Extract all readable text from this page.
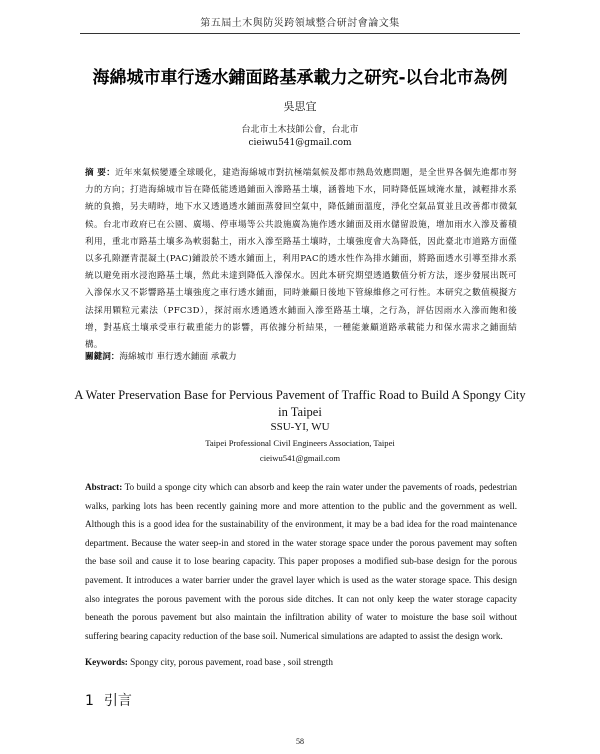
第五屆土木與防災跨領域整合研討會論文集
海綿城市車行透水鋪面路基承載力之研究-以台北市為例
吳思宜
台北市土木技師公會，台北市
cieiwu541@gmail.com
摘 要：近年來氣候變遷全球暖化，建造海綿城市對抗極端氣候及都市熱島效應問題，是全世界各個先進都市努力的方向；打造海綿城市旨在降低能透過鋪面入滲路基土壤，涵養地下水，同時降低區域淹水量，減輕排水系統的負擔，另夫晴時，地下水又透過透水鋪面蒸發回空氣中，降低鋪面溫度，淨化空氣品質並且改善都市微氣候。台北市政府已在公園、廣場、停車場等公共設施廣為施作透水鋪面及雨水儲留設施，增加雨水入滲及蓄積利用，重北市路基土壤多為軟弱黏土，雨水入滲至路基土壤時，土壤強度會大為降低，因此臺北市道路方面僅以多孔隙瀝青混凝土(PAC)鋪設於不透水鋪面上，利用PAC的透水性作為排水鋪面，將路面透水引導至排水系統以避免雨水浸泡路基土壤，然此未達到降低入滲保水。因此本研究期望透過數值分析方法，逐步發展出既可入滲保水又不影響路基土壤強度之車行透水鋪面，同時兼顧日後地下管線維修之可行性。本研究之數值模擬方法採用顆粒元素法（PFC3D），探討雨水透過透水鋪面入滲至路基土壤，之行為，評估因雨水入滲而飽和後增，對基底土壤承受車行載重能力的影響，再依據分析結果，一種能兼顧道路承載能力和保水需求之鋪面結構。
關鍵詞：海綿城市 車行透水鋪面 承載力
A Water Preservation Base for Pervious Pavement of Traffic Road to Build A Spongy City in Taipei
SSU-YI, WU
Taipei Professional Civil Engineers Association, Taipei
cieiwu541@gmail.com
Abstract: To build a sponge city which can absorb and keep the rain water under the pavements of roads, pedestrian walks, parking lots has been recently gaining more and more attention to the public and the government as well. Although this is a good idea for the sustainability of the environment, it may be a bad idea for the road maintenance department. Because the water seep-in and stored in the water storage space under the porous pavement may soften the base soil and cause it to lose bearing capacity. This paper proposes a modified sub-base design for the porous pavement. It introduces a water barrier under the gravel layer which is used as the water storage space. This design also integrates the porous pavement with the porous side ditches. It can not only keep the water storage capacity beneath the porous pavement but also maintain the infiltration ability of water to moisture the base soil without suffering bearing capacity reduction of the base soil. Numerical simulations are adapted to assist the design work.
Keywords: Spongy city, porous pavement, road base , soil strength
1 引言
58
